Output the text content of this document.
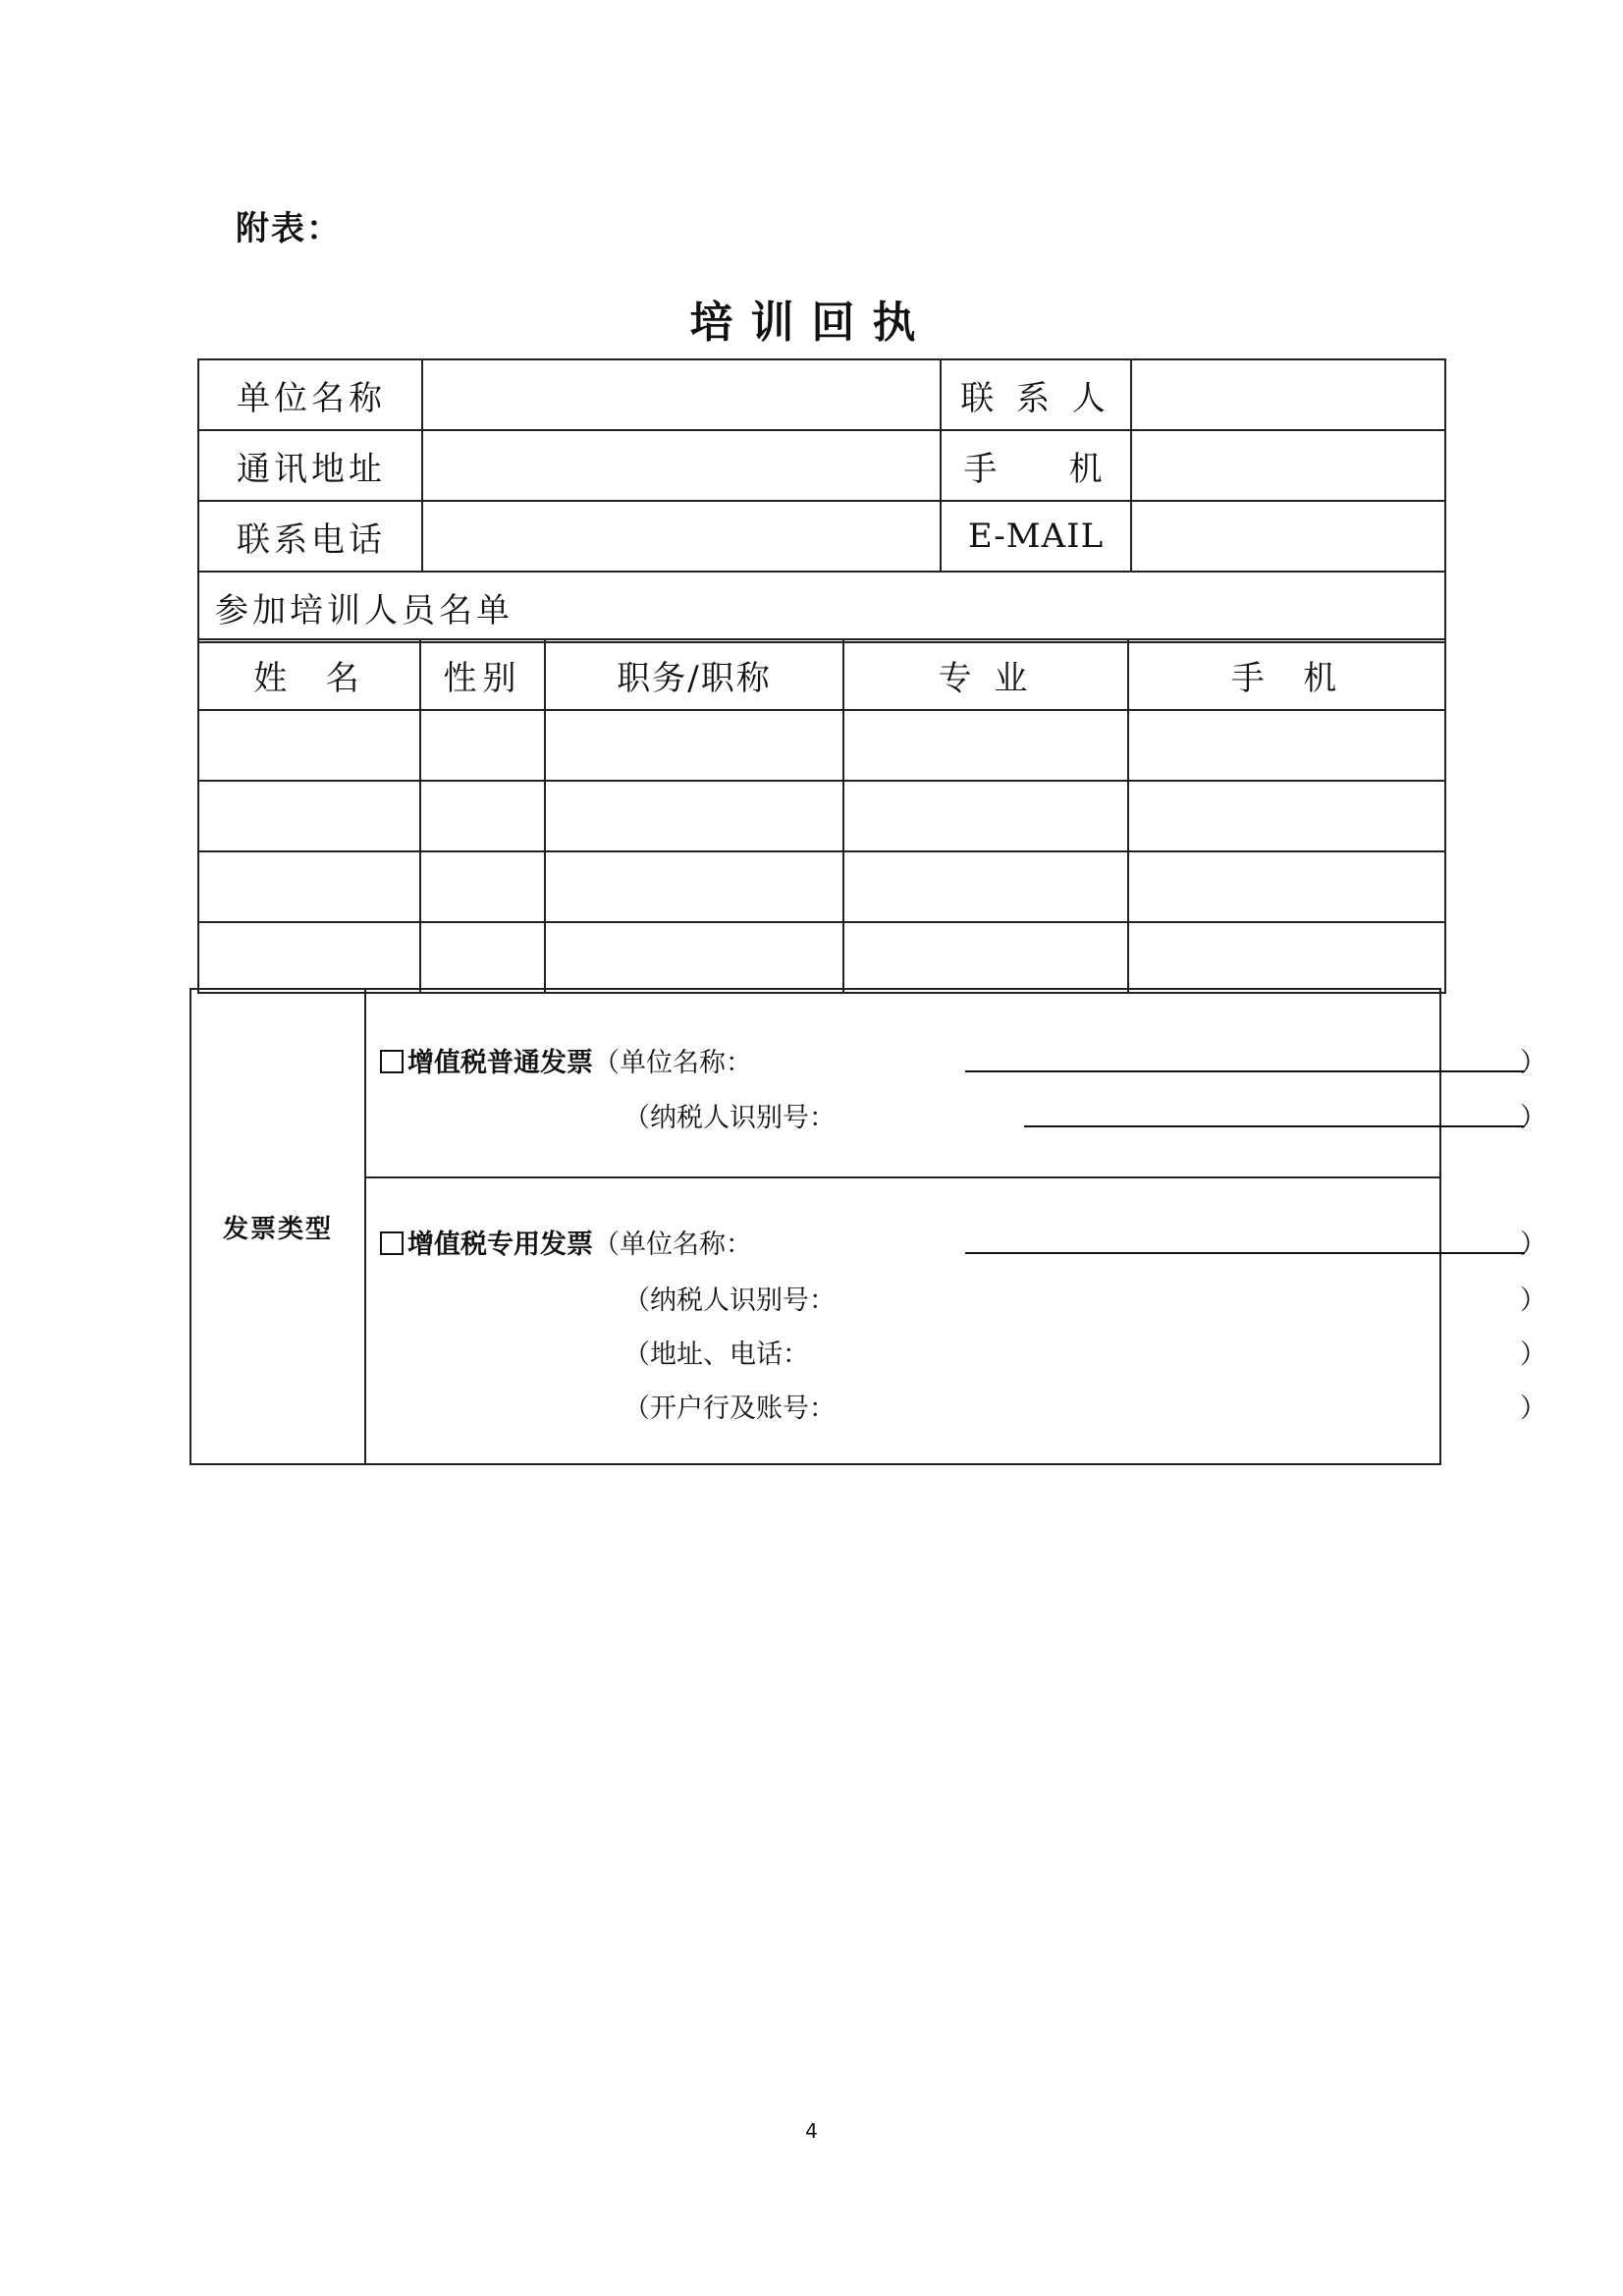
附表：
培训回执
单位名称		联 系 人	
通讯地址		手    机	
联系电话		E-MAIL	
参加培训人员名单			
姓  名	性别	职务/职称	专 业	手  机

发票类型	
增值税普通发票（单位名称：	）
（纳税人识别号：	）

增值税专用发票（单位名称：	）
（纳税人识别号：	）
（地址、电话：	）
（开户行及账号：	）
4
